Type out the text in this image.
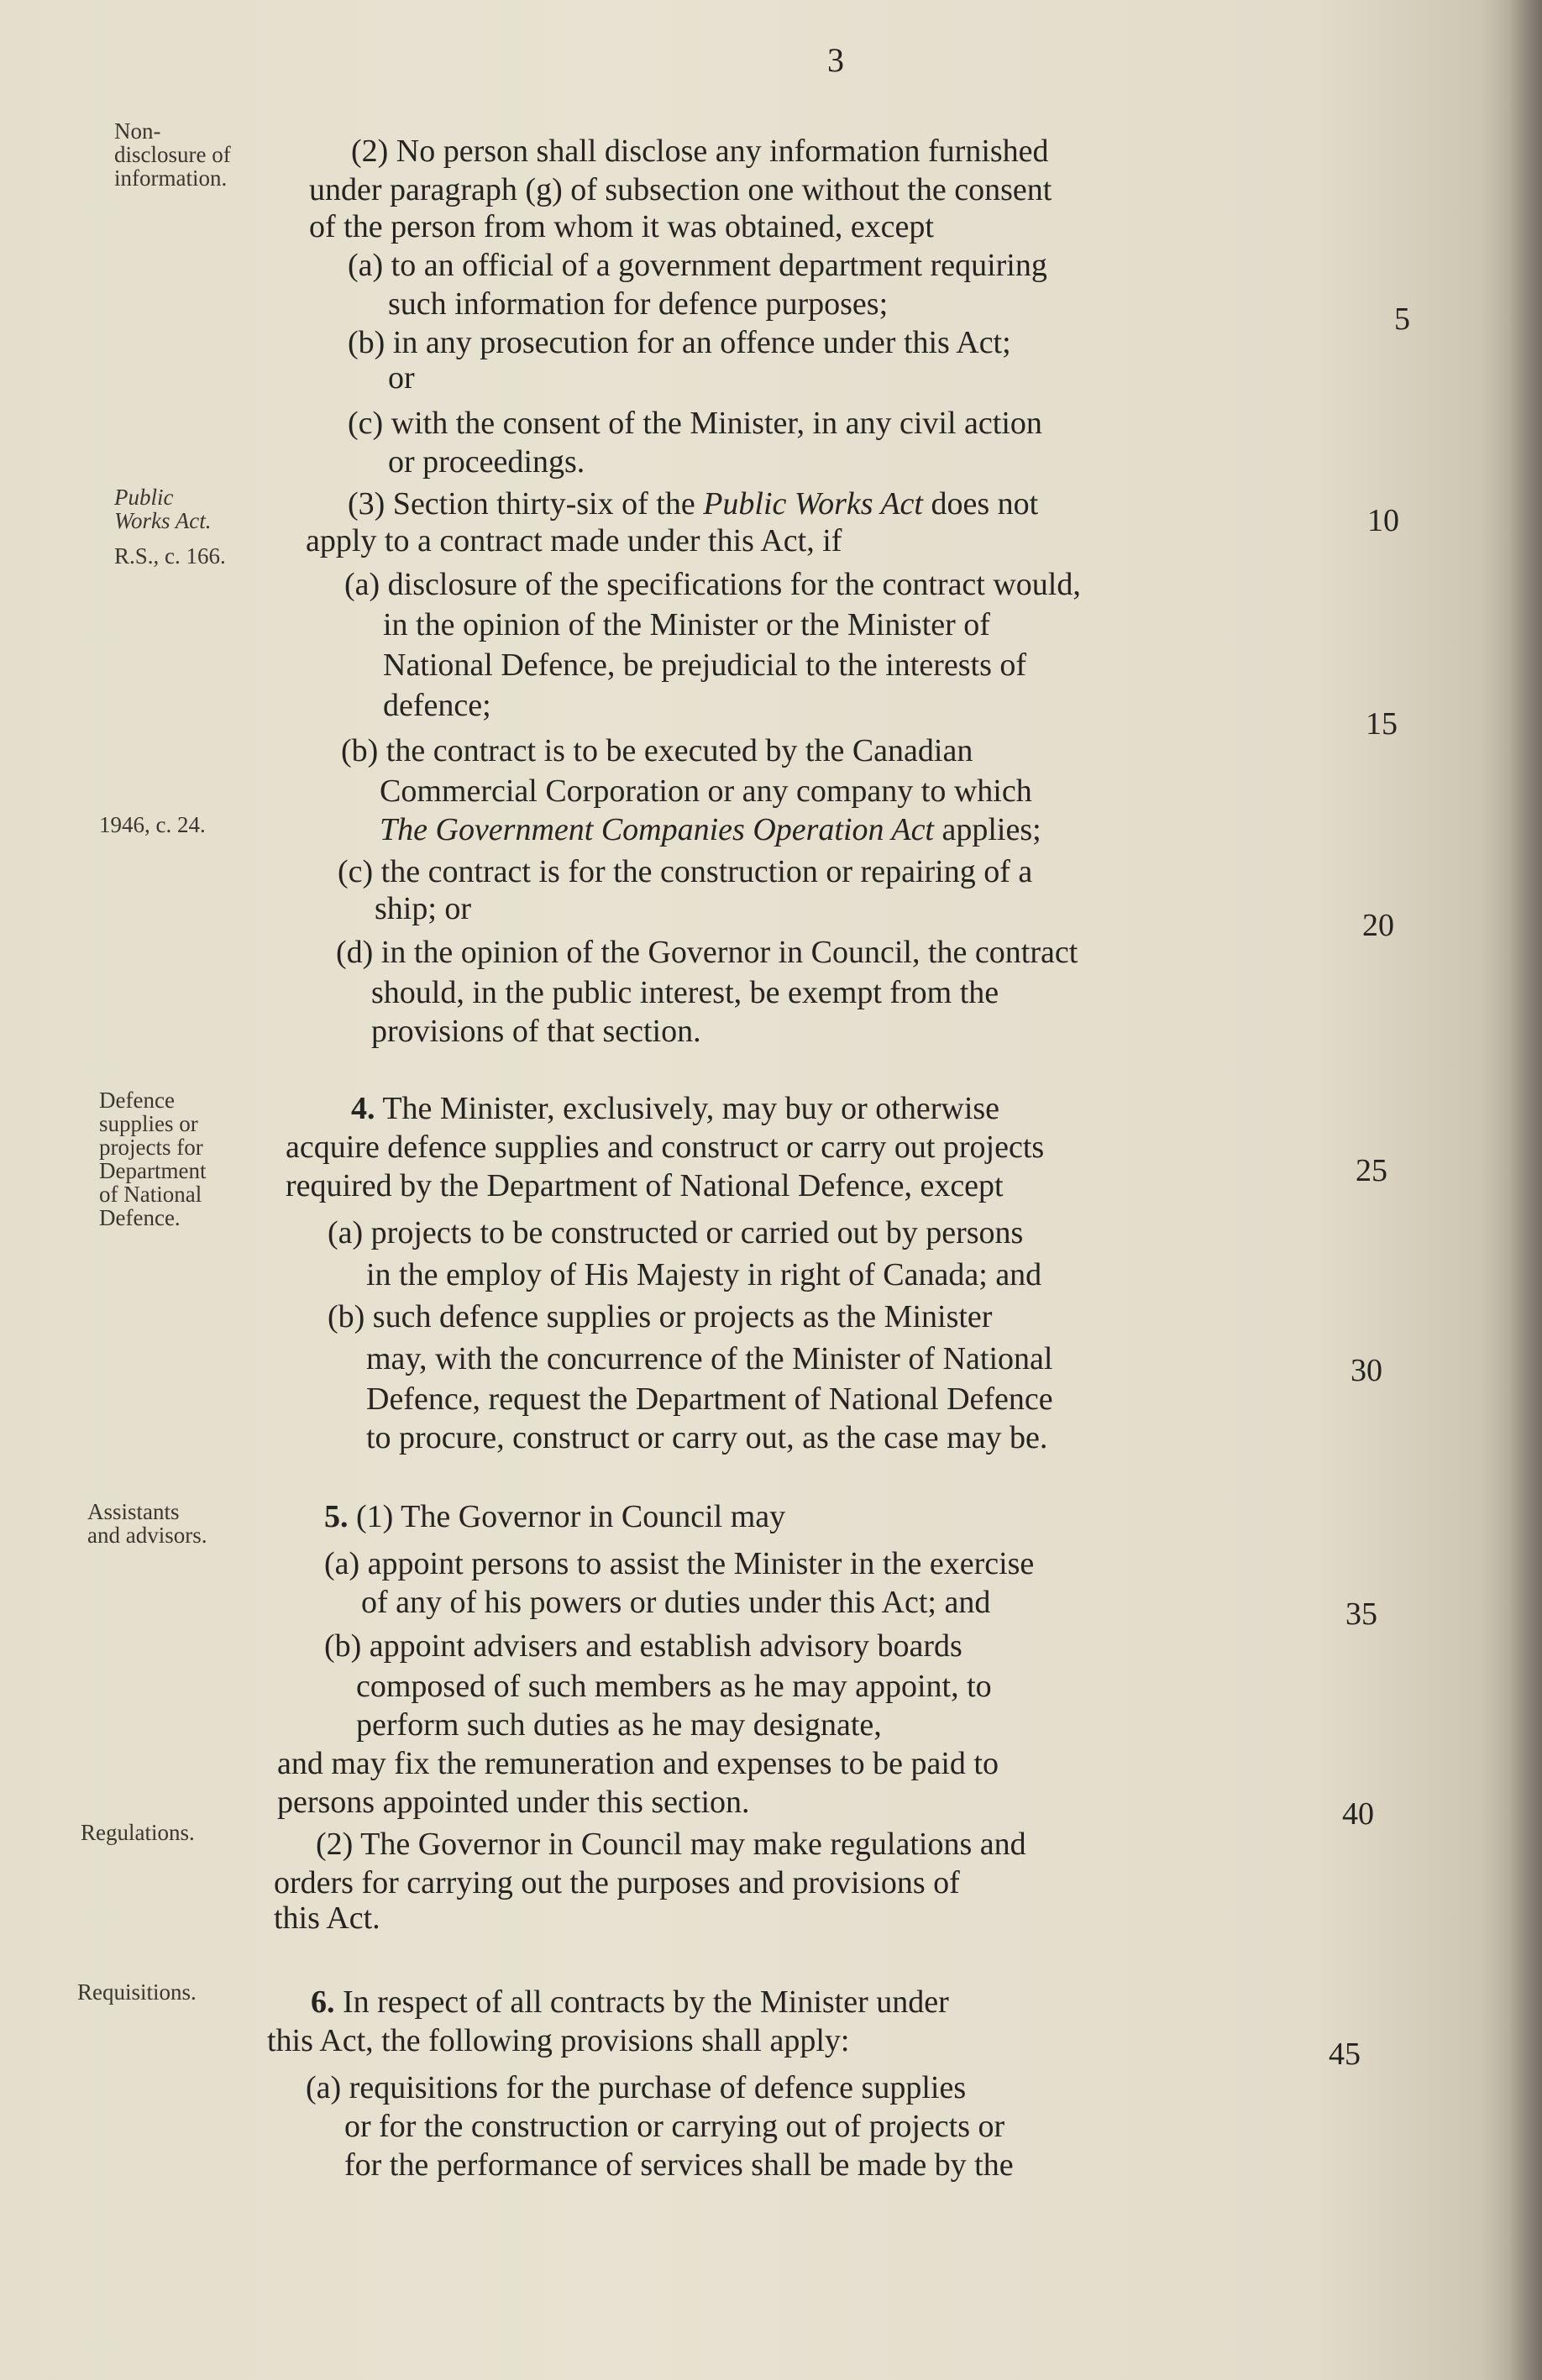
3
Non-
disclosure of
information.
Public
Works Act.
R.S., c. 166.
1946, c. 24.
Defence
supplies or
projects for
Department
of National
Defence.
Assistants
and advisors.
Regulations.
Requisitions.
(2) No person shall disclose any information furnished
under paragraph (g) of subsection one without the consent
of the person from whom it was obtained, except
(a) to an official of a government department requiring
such information for defence purposes;
(b) in any prosecution for an offence under this Act;
or
(c) with the consent of the Minister, in any civil action
or proceedings.
(3) Section thirty-six of the Public Works Act does not
apply to a contract made under this Act, if
(a) disclosure of the specifications for the contract would,
in the opinion of the Minister or the Minister of
National Defence, be prejudicial to the interests of
defence;
(b) the contract is to be executed by the Canadian
Commercial Corporation or any company to which
The Government Companies Operation Act applies;
(c) the contract is for the construction or repairing of a
ship; or
(d) in the opinion of the Governor in Council, the contract
should, in the public interest, be exempt from the
provisions of that section.
4. The Minister, exclusively, may buy or otherwise
acquire defence supplies and construct or carry out projects
required by the Department of National Defence, except
(a) projects to be constructed or carried out by persons
in the employ of His Majesty in right of Canada; and
(b) such defence supplies or projects as the Minister
may, with the concurrence of the Minister of National
Defence, request the Department of National Defence
to procure, construct or carry out, as the case may be.
5. (1) The Governor in Council may
(a) appoint persons to assist the Minister in the exercise
of any of his powers or duties under this Act; and
(b) appoint advisers and establish advisory boards
composed of such members as he may appoint, to
perform such duties as he may designate,
and may fix the remuneration and expenses to be paid to
persons appointed under this section.
(2) The Governor in Council may make regulations and
orders for carrying out the purposes and provisions of
this Act.
6. In respect of all contracts by the Minister under
this Act, the following provisions shall apply:
(a) requisitions for the purchase of defence supplies
or for the construction or carrying out of projects or
for the performance of services shall be made by the
5
10
15
20
25
30
35
40
45
